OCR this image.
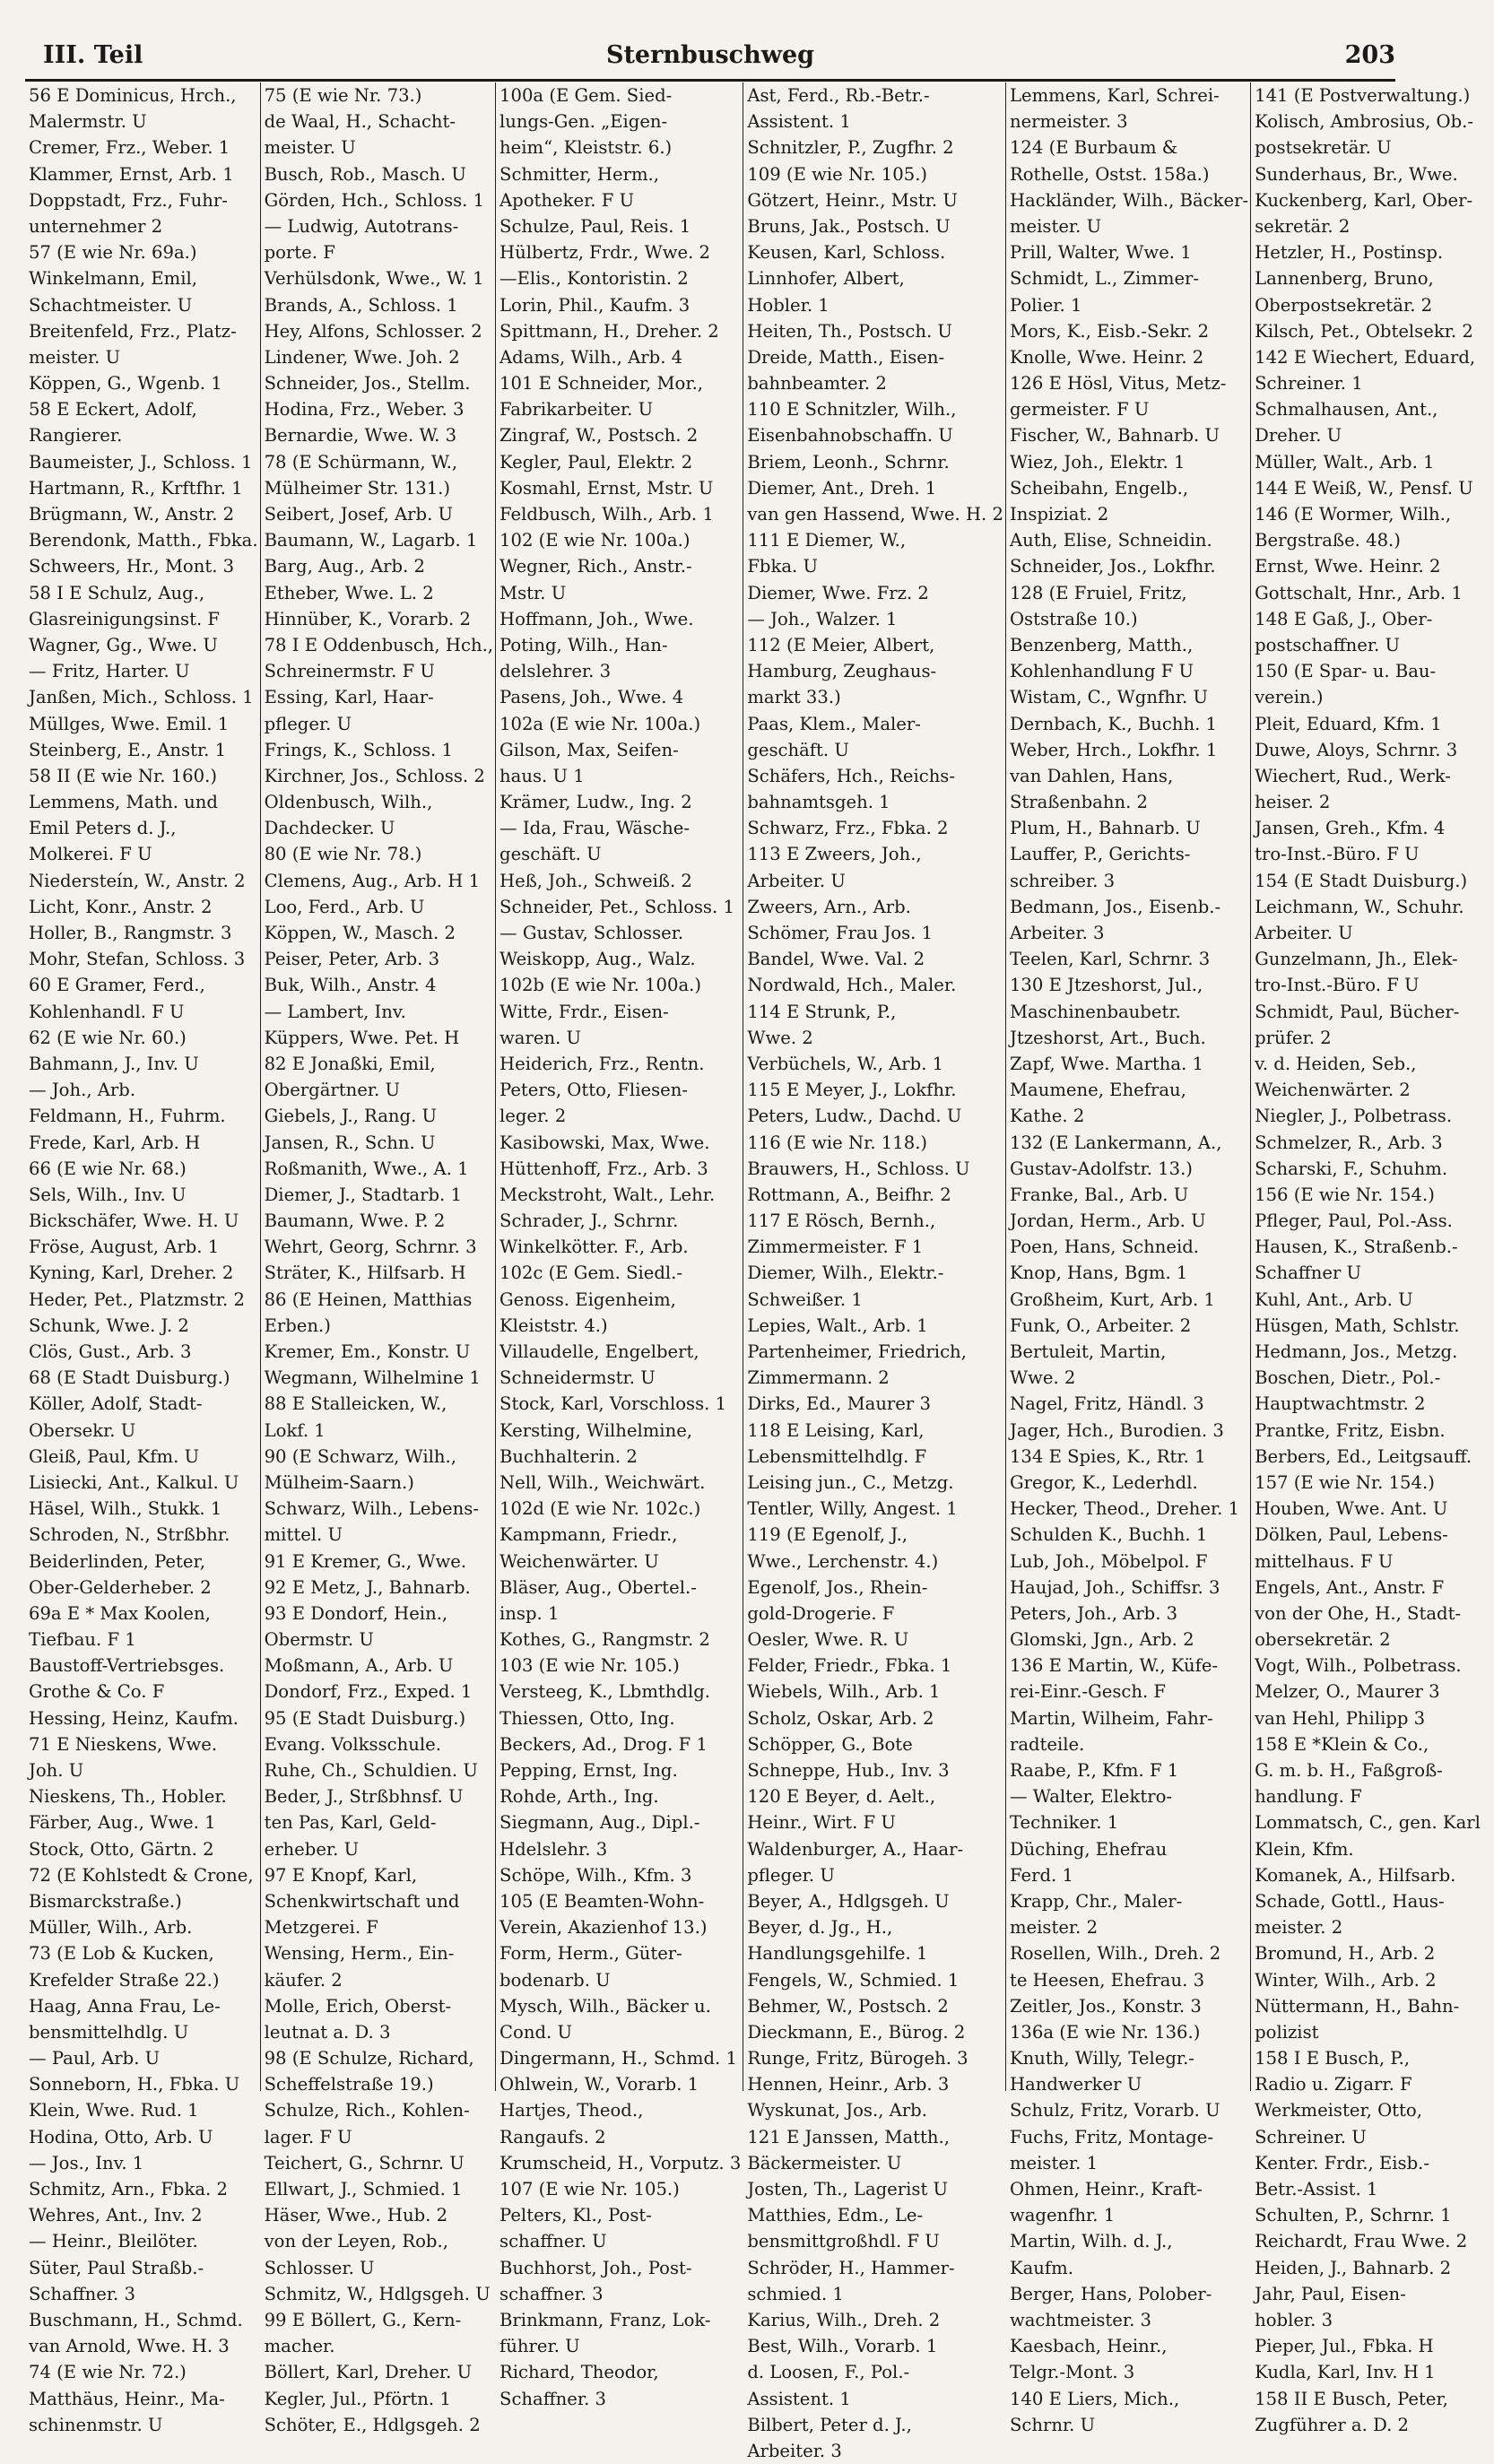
III. Teil	Sternbuschweg	203
56 E Dominicus, Hrch.,
Malermstr. U
Cremer, Frz., Weber. 1
Klammer, Ernst, Arb. 1
Doppstadt, Frz., Fuhr-
unternehmer 2
57 (E wie Nr. 69a.)
Winkelmann, Emil,
Schachtmeister. U
Breitenfeld, Frz., Platz-
meister. U
Köppen, G., Wgenb. 1
58 E Eckert, Adolf,
Rangierer.
Baumeister, J., Schloss. 1
Hartmann, R., Krftfhr. 1
Brügmann, W., Anstr. 2
Berendonk, Matth., Fbka.
Schweers, Hr., Mont. 3
58 I E Schulz, Aug.,
Glasreinigungsinst. F
Wagner, Gg., Wwe. U
— Fritz, Harter. U
Janßen, Mich., Schloss. 1
Müllges, Wwe. Emil. 1
Steinberg, E., Anstr. 1
58 II (E wie Nr. 160.)
Lemmens, Math. und
Emil Peters d. J.,
Molkerei. F U
Niedersteín, W., Anstr. 2
Licht, Konr., Anstr. 2
Holler, B., Rangmstr. 3
Mohr, Stefan, Schloss. 3
60 E Gramer, Ferd.,
Kohlenhandl. F U
62 (E wie Nr. 60.)
Bahmann, J., Inv. U
— Joh., Arb.
Feldmann, H., Fuhrm.
Frede, Karl, Arb. H
66 (E wie Nr. 68.)
Sels, Wilh., Inv. U
Bickschäfer, Wwe. H. U
Fröse, August, Arb. 1
Kyning, Karl, Dreher. 2
Heder, Pet., Platzmstr. 2
Schunk, Wwe. J. 2
Clös, Gust., Arb. 3
68 (E Stadt Duisburg.)
Köller, Adolf, Stadt-
Obersekr. U
Gleiß, Paul, Kfm. U
Lisiecki, Ant., Kalkul. U
Häsel, Wilh., Stukk. 1
Schroden, N., Strßbhr.
Beiderlinden, Peter,
Ober-Gelderheber. 2
69a E * Max Koolen,
Tiefbau. F 1
Baustoff-Vertriebsges.
Grothe & Co. F
Hessing, Heinz, Kaufm.
71 E Nieskens, Wwe.
Joh. U
Nieskens, Th., Hobler.
Färber, Aug., Wwe. 1
Stock, Otto, Gärtn. 2
72 (E Kohlstedt & Crone,
Bismarckstraße.)
Müller, Wilh., Arb.
73 (E Lob & Kucken,
Krefelder Straße 22.)
Haag, Anna Frau, Le-
bensmittelhdlg. U
— Paul, Arb. U
Sonneborn, H., Fbka. U
Klein, Wwe. Rud. 1
Hodina, Otto, Arb. U
— Jos., Inv. 1
Schmitz, Arn., Fbka. 2
Wehres, Ant., Inv. 2
— Heinr., Bleilöter.
Süter, Paul Straßb.-
Schaffner. 3
Buschmann, H., Schmd.
van Arnold, Wwe. H. 3
74 (E wie Nr. 72.)
Matthäus, Heinr., Ma-
schinenmstr. U
75 (E wie Nr. 73.)
de Waal, H., Schacht-
meister. U
Busch, Rob., Masch. U
Görden, Hch., Schloss. 1
— Ludwig, Autotrans-
porte. F
Verhülsdonk, Wwe., W. 1
Brands, A., Schloss. 1
Hey, Alfons, Schlosser. 2
Lindener, Wwe. Joh. 2
Schneider, Jos., Stellm.
Hodina, Frz., Weber. 3
Bernardie, Wwe. W. 3
78 (E Schürmann, W.,
Mülheimer Str. 131.)
Seibert, Josef, Arb. U
Baumann, W., Lagarb. 1
Barg, Aug., Arb. 2
Etheber, Wwe. L. 2
Hinnüber, K., Vorarb. 2
78 I E Oddenbusch, Hch.,
Schreinermstr. F U
Essing, Karl, Haar-
pfleger. U
Frings, K., Schloss. 1
Kirchner, Jos., Schloss. 2
Oldenbusch, Wilh.,
Dachdecker. U
80 (E wie Nr. 78.)
Clemens, Aug., Arb. H 1
Loo, Ferd., Arb. U
Köppen, W., Masch. 2
Peiser, Peter, Arb. 3
Buk, Wilh., Anstr. 4
— Lambert, Inv.
Küppers, Wwe. Pet. H
82 E Jonaßki, Emil,
Obergärtner. U
Giebels, J., Rang. U
Jansen, R., Schn. U
Roßmanith, Wwe., A. 1
Diemer, J., Stadtarb. 1
Baumann, Wwe. P. 2
Wehrt, Georg, Schrnr. 3
Sträter, K., Hilfsarb. H
86 (E Heinen, Matthias
Erben.)
Kremer, Em., Konstr. U
Wegmann, Wilhelmine 1
88 E Stalleicken, W.,
Lokf. 1
90 (E Schwarz, Wilh.,
Mülheim-Saarn.)
Schwarz, Wilh., Lebens-
mittel. U
91 E Kremer, G., Wwe.
92 E Metz, J., Bahnarb.
93 E Dondorf, Hein.,
Obermstr. U
Moßmann, A., Arb. U
Dondorf, Frz., Exped. 1
95 (E Stadt Duisburg.)
Evang. Volksschule.
Ruhe, Ch., Schuldien. U
Beder, J., Strßbhnsf. U
ten Pas, Karl, Geld-
erheber. U
97 E Knopf, Karl,
Schenkwirtschaft und
Metzgerei. F
Wensing, Herm., Ein-
käufer. 2
Molle, Erich, Oberst-
leutnat a. D. 3
98 (E Schulze, Richard,
Scheffelstraße 19.)
Schulze, Rich., Kohlen-
lager. F U
Teichert, G., Schrnr. U
Ellwart, J., Schmied. 1
Häser, Wwe., Hub. 2
von der Leyen, Rob.,
Schlosser. U
Schmitz, W., Hdlgsgeh. U
99 E Böllert, G., Kern-
macher.
Böllert, Karl, Dreher. U
Kegler, Jul., Pförtn. 1
Schöter, E., Hdlgsgeh. 2
100a (E Gem. Sied-
lungs-Gen. „Eigen-
heim“, Kleiststr. 6.)
Schmitter, Herm.,
Apotheker. F U
Schulze, Paul, Reis. 1
Hülbertz, Frdr., Wwe. 2
—Elis., Kontoristin. 2
Lorin, Phil., Kaufm. 3
Spittmann, H., Dreher. 2
Adams, Wilh., Arb. 4
101 E Schneider, Mor.,
Fabrikarbeiter. U
Zingraf, W., Postsch. 2
Kegler, Paul, Elektr. 2
Kosmahl, Ernst, Mstr. U
Feldbusch, Wilh., Arb. 1
102 (E wie Nr. 100a.)
Wegner, Rich., Anstr.-
Mstr. U
Hoffmann, Joh., Wwe.
Poting, Wilh., Han-
delslehrer. 3
Pasens, Joh., Wwe. 4
102a (E wie Nr. 100a.)
Gilson, Max, Seifen-
haus. U 1
Krämer, Ludw., Ing. 2
— Ida, Frau, Wäsche-
geschäft. U
Heß, Joh., Schweiß. 2
Schneider, Pet., Schloss. 1
— Gustav, Schlosser.
Weiskopp, Aug., Walz.
102b (E wie Nr. 100a.)
Witte, Frdr., Eisen-
waren. U
Heiderich, Frz., Rentn.
Peters, Otto, Fliesen-
leger. 2
Kasibowski, Max, Wwe.
Hüttenhoff, Frz., Arb. 3
Meckstroht, Walt., Lehr.
Schrader, J., Schrnr.
Winkelkötter. F., Arb.
102c (E Gem. Siedl.-
Genoss. Eigenheim,
Kleiststr. 4.)
Villaudelle, Engelbert,
Schneidermstr. U
Stock, Karl, Vorschloss. 1
Kersting, Wilhelmine,
Buchhalterin. 2
Nell, Wilh., Weichwärt.
102d (E wie Nr. 102c.)
Kampmann, Friedr.,
Weichenwärter. U
Bläser, Aug., Obertel.-
insp. 1
Kothes, G., Rangmstr. 2
103 (E wie Nr. 105.)
Versteeg, K., Lbmthdlg.
Thiessen, Otto, Ing.
Beckers, Ad., Drog. F 1
Pepping, Ernst, Ing.
Rohde, Arth., Ing.
Siegmann, Aug., Dipl.-
Hdelslehr. 3
Schöpe, Wilh., Kfm. 3
105 (E Beamten-Wohn-
Verein, Akazienhof 13.)
Form, Herm., Güter-
bodenarb. U
Mysch, Wilh., Bäcker u.
Cond. U
Dingermann, H., Schmd. 1
Ohlwein, W., Vorarb. 1
Hartjes, Theod.,
Rangaufs. 2
Krumscheid, H., Vorputz. 3
107 (E wie Nr. 105.)
Pelters, Kl., Post-
schaffner. U
Buchhorst, Joh., Post-
schaffner. 3
Brinkmann, Franz, Lok-
führer. U
Richard, Theodor,
Schaffner. 3
Ast, Ferd., Rb.-Betr.-
Assistent. 1
Schnitzler, P., Zugfhr. 2
109 (E wie Nr. 105.)
Götzert, Heinr., Mstr. U
Bruns, Jak., Postsch. U
Keusen, Karl, Schloss.
Linnhofer, Albert,
Hobler. 1
Heiten, Th., Postsch. U
Dreide, Matth., Eisen-
bahnbeamter. 2
110 E Schnitzler, Wilh.,
Eisenbahnobschaffn. U
Briem, Leonh., Schrnr.
Diemer, Ant., Dreh. 1
van gen Hassend, Wwe. H. 2
111 E Diemer, W.,
Fbka. U
Diemer, Wwe. Frz. 2
— Joh., Walzer. 1
112 (E Meier, Albert,
Hamburg, Zeughaus-
markt 33.)
Paas, Klem., Maler-
geschäft. U
Schäfers, Hch., Reichs-
bahnamtsgeh. 1
Schwarz, Frz., Fbka. 2
113 E Zweers, Joh.,
Arbeiter. U
Zweers, Arn., Arb.
Schömer, Frau Jos. 1
Bandel, Wwe. Val. 2
Nordwald, Hch., Maler.
114 E Strunk, P.,
Wwe. 2
Verbüchels, W., Arb. 1
115 E Meyer, J., Lokfhr.
Peters, Ludw., Dachd. U
116 (E wie Nr. 118.)
Brauwers, H., Schloss. U
Rottmann, A., Beifhr. 2
117 E Rösch, Bernh.,
Zimmermeister. F 1
Diemer, Wilh., Elektr.-
Schweißer. 1
Lepies, Walt., Arb. 1
Partenheimer, Friedrich,
Zimmermann. 2
Dirks, Ed., Maurer 3
118 E Leising, Karl,
Lebensmittelhdlg. F
Leising jun., C., Metzg.
Tentler, Willy, Angest. 1
119 (E Egenolf, J.,
Wwe., Lerchenstr. 4.)
Egenolf, Jos., Rhein-
gold-Drogerie. F
Oesler, Wwe. R. U
Felder, Friedr., Fbka. 1
Wiebels, Wilh., Arb. 1
Scholz, Oskar, Arb. 2
Schöpper, G., Bote
Schneppe, Hub., Inv. 3
120 E Beyer, d. Aelt.,
Heinr., Wirt. F U
Waldenburger, A., Haar-
pfleger. U
Beyer, A., Hdlgsgeh. U
Beyer, d. Jg., H.,
Handlungsgehilfe. 1
Fengels, W., Schmied. 1
Behmer, W., Postsch. 2
Dieckmann, E., Bürog. 2
Runge, Fritz, Bürogeh. 3
Hennen, Heinr., Arb. 3
Wyskunat, Jos., Arb.
121 E Janssen, Matth.,
Bäckermeister. U
Josten, Th., Lagerist U
Matthies, Edm., Le-
bensmittgroßhdl. F U
Schröder, H., Hammer-
schmied. 1
Karius, Wilh., Dreh. 2
Best, Wilh., Vorarb. 1
d. Loosen, F., Pol.-
Assistent. 1
Bilbert, Peter d. J.,
Arbeiter. 3
Lemmens, Karl, Schrei-
nermeister. 3
124 (E Burbaum &
Rothelle, Ostst. 158a.)
Hackländer, Wilh., Bäcker-
meister. U
Prill, Walter, Wwe. 1
Schmidt, L., Zimmer-
Polier. 1
Mors, K., Eisb.-Sekr. 2
Knolle, Wwe. Heinr. 2
126 E Hösl, Vitus, Metz-
germeister. F U
Fischer, W., Bahnarb. U
Wiez, Joh., Elektr. 1
Scheibahn, Engelb.,
Inspiziat. 2
Auth, Elise, Schneidin.
Schneider, Jos., Lokfhr.
128 (E Fruiel, Fritz,
Oststraße 10.)
Benzenberg, Matth.,
Kohlenhandlung F U
Wistam, C., Wgnfhr. U
Dernbach, K., Buchh. 1
Weber, Hrch., Lokfhr. 1
van Dahlen, Hans,
Straßenbahn. 2
Plum, H., Bahnarb. U
Lauffer, P., Gerichts-
schreiber. 3
Bedmann, Jos., Eisenb.-
Arbeiter. 3
Teelen, Karl, Schrnr. 3
130 E Jtzeshorst, Jul.,
Maschinenbaubetr.
Jtzeshorst, Art., Buch.
Zapf, Wwe. Martha. 1
Maumene, Ehefrau,
Kathe. 2
132 (E Lankermann, A.,
Gustav-Adolfstr. 13.)
Franke, Bal., Arb. U
Jordan, Herm., Arb. U
Poen, Hans, Schneid.
Knop, Hans, Bgm. 1
Großheim, Kurt, Arb. 1
Funk, O., Arbeiter. 2
Bertuleit, Martin,
Wwe. 2
Nagel, Fritz, Händl. 3
Jager, Hch., Burodien. 3
134 E Spies, K., Rtr. 1
Gregor, K., Lederhdl.
Hecker, Theod., Dreher. 1
Schulden K., Buchh. 1
Lub, Joh., Möbelpol. F
Haujad, Joh., Schiffsr. 3
Peters, Joh., Arb. 3
Glomski, Jgn., Arb. 2
136 E Martin, W., Küfe-
rei-Einr.-Gesch. F
Martin, Wilheim, Fahr-
radteile.
Raabe, P., Kfm. F 1
— Walter, Elektro-
Techniker. 1
Düching, Ehefrau
Ferd. 1
Krapp, Chr., Maler-
meister. 2
Rosellen, Wilh., Dreh. 2
te Heesen, Ehefrau. 3
Zeitler, Jos., Konstr. 3
136a (E wie Nr. 136.)
Knuth, Willy, Telegr.-
Handwerker U
Schulz, Fritz, Vorarb. U
Fuchs, Fritz, Montage-
meister. 1
Ohmen, Heinr., Kraft-
wagenfhr. 1
Martin, Wilh. d. J.,
Kaufm.
Berger, Hans, Polober-
wachtmeister. 3
Kaesbach, Heinr.,
Telgr.-Mont. 3
140 E Liers, Mich.,
Schrnr. U
141 (E Postverwaltung.)
Kolisch, Ambrosius, Ob.-
postsekretär. U
Sunderhaus, Br., Wwe.
Kuckenberg, Karl, Ober-
sekretär. 2
Hetzler, H., Postinsp.
Lannenberg, Bruno,
Oberpostsekretär. 2
Kilsch, Pet., Obtelsekr. 2
142 E Wiechert, Eduard,
Schreiner. 1
Schmalhausen, Ant.,
Dreher. U
Müller, Walt., Arb. 1
144 E Weiß, W., Pensf. U
146 (E Wormer, Wilh.,
Bergstraße. 48.)
Ernst, Wwe. Heinr. 2
Gottschalt, Hnr., Arb. 1
148 E Gaß, J., Ober-
postschaffner. U
150 (E Spar- u. Bau-
verein.)
Pleit, Eduard, Kfm. 1
Duwe, Aloys, Schrnr. 3
Wiechert, Rud., Werk-
heiser. 2
Jansen, Greh., Kfm. 4
tro-Inst.-Büro. F U
154 (E Stadt Duisburg.)
Leichmann, W., Schuhr.
Arbeiter. U
Gunzelmann, Jh., Elek-
tro-Inst.-Büro. F U
Schmidt, Paul, Bücher-
prüfer. 2
v. d. Heiden, Seb.,
Weichenwärter. 2
Niegler, J., Polbetrass.
Schmelzer, R., Arb. 3
Scharski, F., Schuhm.
156 (E wie Nr. 154.)
Pfleger, Paul, Pol.-Ass.
Hausen, K., Straßenb.-
Schaffner U
Kuhl, Ant., Arb. U
Hüsgen, Math, Schlstr.
Hedmann, Jos., Metzg.
Boschen, Dietr., Pol.-
Hauptwachtmstr. 2
Prantke, Fritz, Eisbn.
Berbers, Ed., Leitgsauff.
157 (E wie Nr. 154.)
Houben, Wwe. Ant. U
Dölken, Paul, Lebens-
mittelhaus. F U
Engels, Ant., Anstr. F
von der Ohe, H., Stadt-
obersekretär. 2
Vogt, Wilh., Polbetrass.
Melzer, O., Maurer 3
van Hehl, Philipp 3
158 E *Klein & Co.,
G. m. b. H., Faßgroß-
handlung. F
Lommatsch, C., gen. Karl
Klein, Kfm.
Komanek, A., Hilfsarb.
Schade, Gottl., Haus-
meister. 2
Bromund, H., Arb. 2
Winter, Wilh., Arb. 2
Nüttermann, H., Bahn-
polizist
158 I E Busch, P.,
Radio u. Zigarr. F
Werkmeister, Otto,
Schreiner. U
Kenter. Frdr., Eisb.-
Betr.-Assist. 1
Schulten, P., Schrnr. 1
Reichardt, Frau Wwe. 2
Heiden, J., Bahnarb. 2
Jahr, Paul, Eisen-
hobler. 3
Pieper, Jul., Fbka. H
Kudla, Karl, Inv. H 1
158 II E Busch, Peter,
Zugführer a. D. 2
